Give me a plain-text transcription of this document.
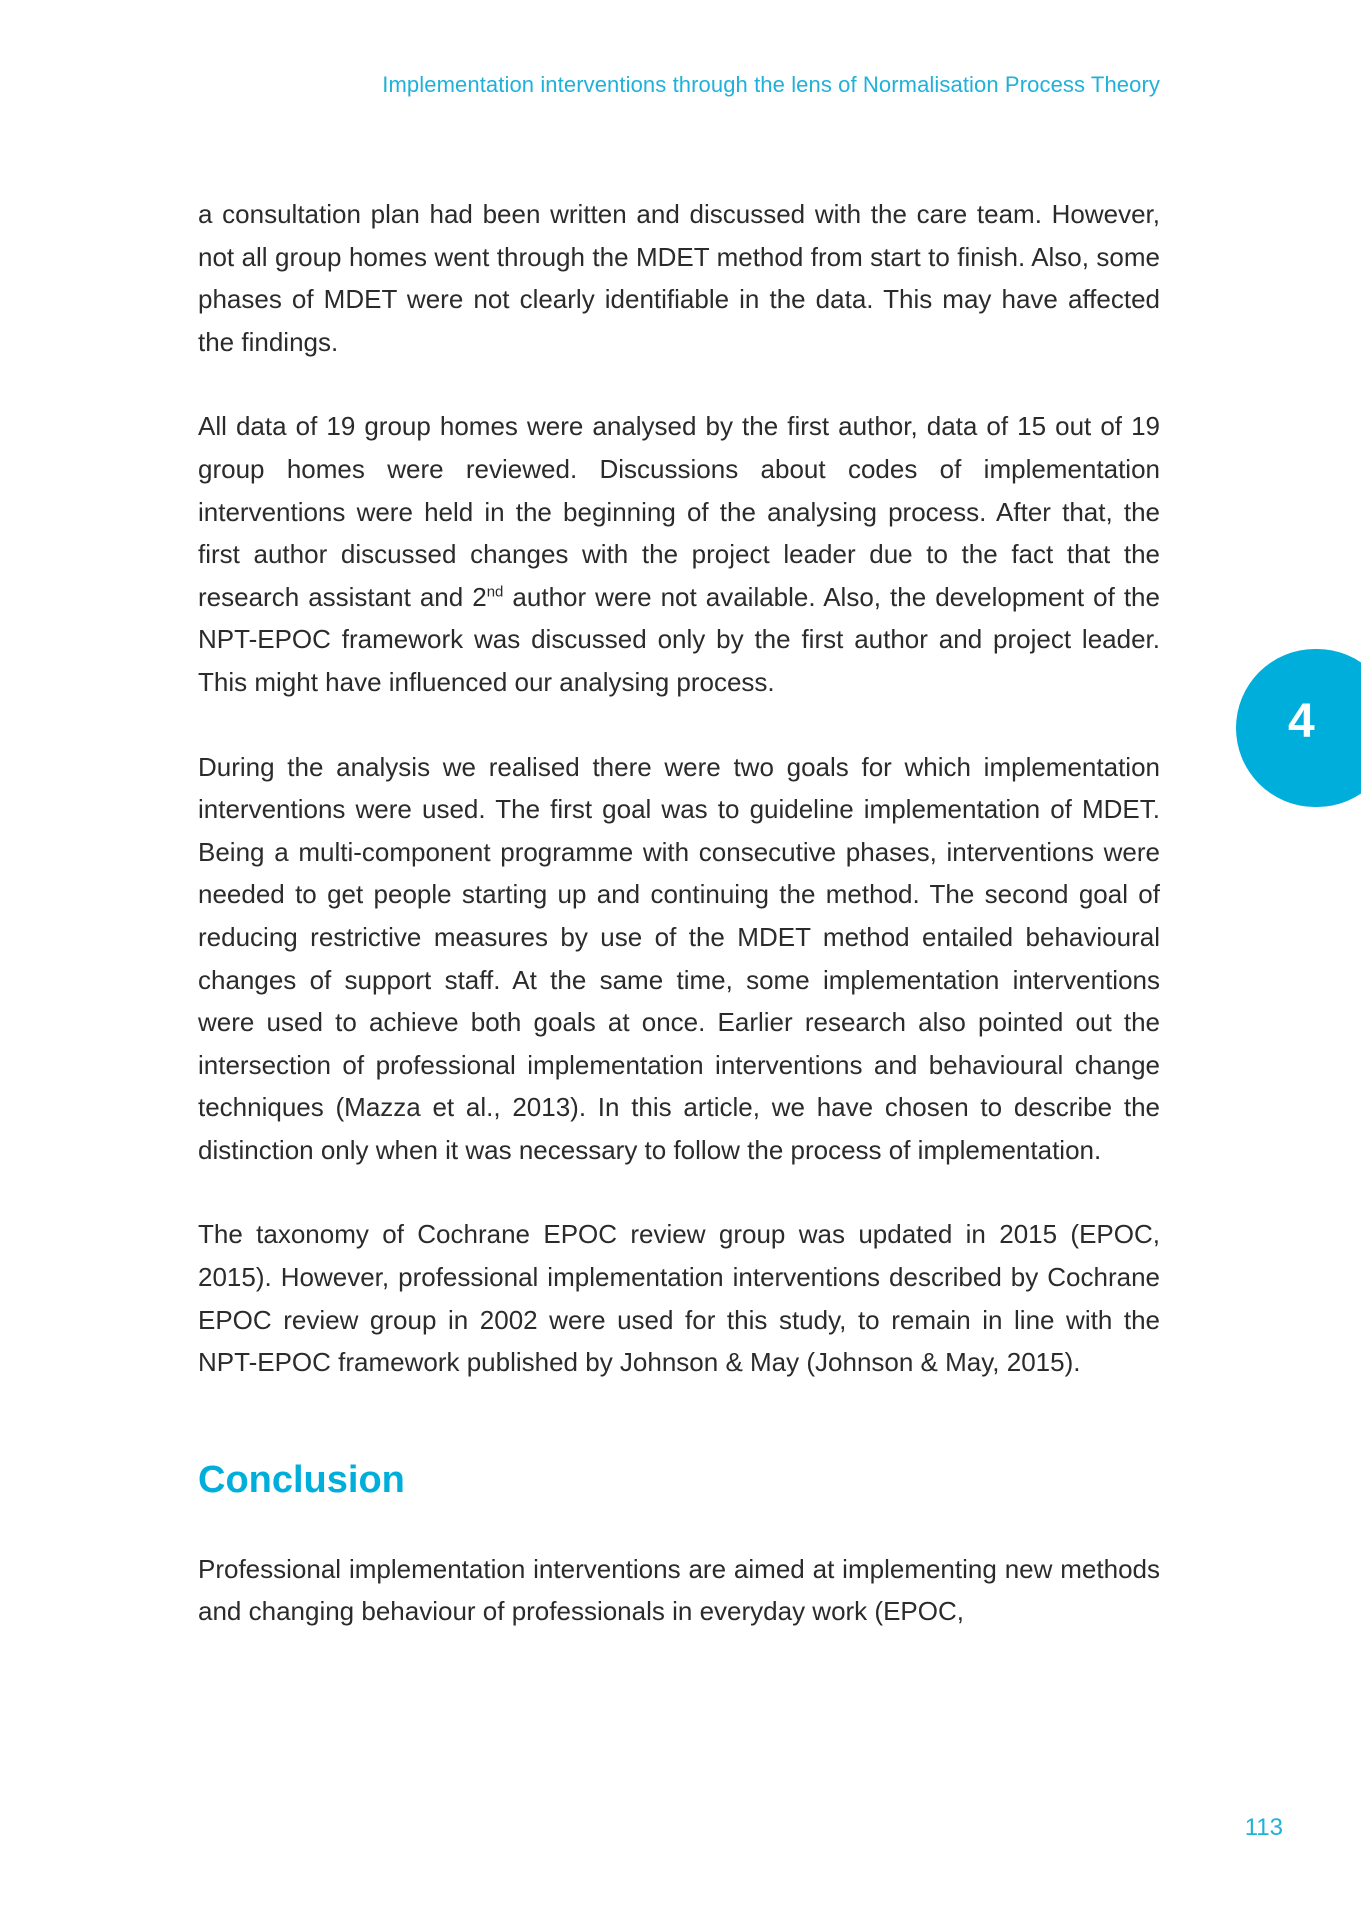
Implementation interventions through the lens of Normalisation Process Theory

a consultation plan had been written and discussed with the care team. However, not all group homes went through the MDET method from start to finish. Also, some phases of MDET were not clearly identifiable in the data. This may have affected the findings.

All data of 19 group homes were analysed by the first author, data of 15 out of 19 group homes were reviewed. Discussions about codes of implementation interventions were held in the beginning of the analysing process. After that, the first author discussed changes with the project leader due to the fact that the research assistant and 2nd author were not available. Also, the development of the NPT-EPOC framework was discussed only by the first author and project leader. This might have influenced our analysing process.

During the analysis we realised there were two goals for which implementation interventions were used. The first goal was to guideline implementation of MDET. Being a multi-component programme with consecutive phases, interventions were needed to get people starting up and continuing the method. The second goal of reducing restrictive measures by use of the MDET method entailed behavioural changes of support staff. At the same time, some implementation interventions were used to achieve both goals at once. Earlier research also pointed out the intersection of professional implementation interventions and behavioural change techniques (Mazza et al., 2013). In this article, we have chosen to describe the distinction only when it was necessary to follow the process of implementation.

The taxonomy of Cochrane EPOC review group was updated in 2015 (EPOC, 2015). However, professional implementation interventions described by Cochrane EPOC review group in 2002 were used for this study, to remain in line with the NPT-EPOC framework published by Johnson & May (Johnson & May, 2015).

Conclusion

Professional implementation interventions are aimed at implementing new methods and changing behaviour of professionals in everyday work (EPOC,

4
113
